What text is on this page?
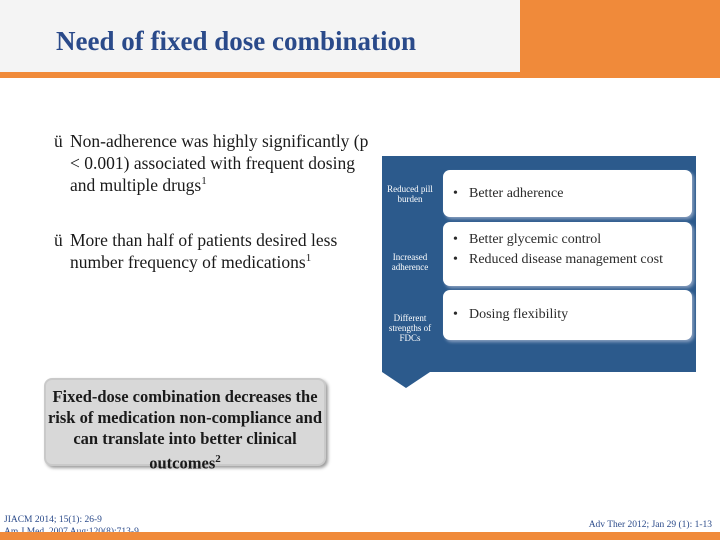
Need of fixed dose combination
ü Non-adherence was highly significantly (p < 0.001) associated with frequent dosing and multiple drugs$^1$
ü More than half of patients desired less number frequency of medications$^1$
Fixed-dose combination decreases the risk of medication non-compliance and can translate into better clinical outcomes$^2$
Reduced pill burden	• Better adherence
Increased adherence
• Better glycemic control
• Reduced disease management cost
Different strengths of FDCs
• Dosing flexibility
JIACM 2014; 15(1): 26-9	Adv Ther 2012; Jan 29 (1): 1-13
